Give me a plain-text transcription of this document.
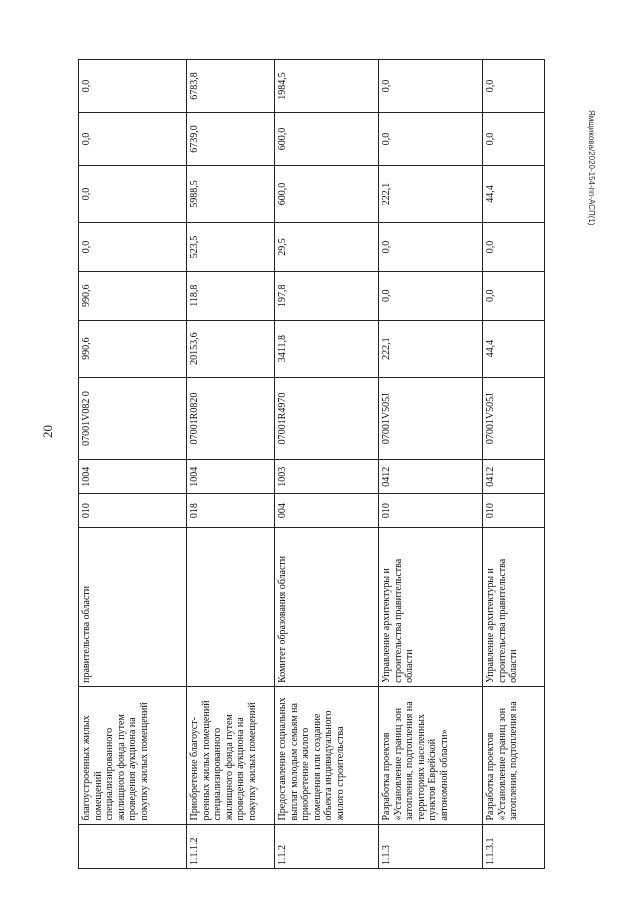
20
Ямщикова/2020-154-пп-АСП(1)
	благоустроенных жилых помещений специализированного жилищного фонда путем проведения аукциона на покупку жилых помещений	правительства области	010	1004	07001V082 0	990,6	990,6	0,0	0,0	0,0	0,0
1.1.1.2	Приобретение благоуст-роенных жилых помещений специализированного жилищного фонда путем проведения аукциона на покупку жилых помещений		018	1004	07001R0820	20153,6	118,8	523,5	5988,5	6739,0	6783,8
1.1.2	Предоставление социальных выплат молодым семьям на приобретение жилого помещения или создание объекта индивидуального жилого строительства	Комитет образования области	004	1003	07001R4970	3411,8	197,8	29,5	600,0	600,0	1984,5
1.1.3	Разработка проектов «Установление границ зон затопления, подтопления на территориях населенных пунктов Еврейской автономной области»	Управление архитектуры и строительства правительства области	010	0412	07001V505J	222,1	0,0	0,0	222,1	0,0	0,0
1.1.3.1	Разработка проектов «Установление границ зон затопления, подтопления на	Управление архитектуры и строительства правительства области	010	0412	07001V505J	44,4	0,0	0,0	44,4	0,0	0,0
